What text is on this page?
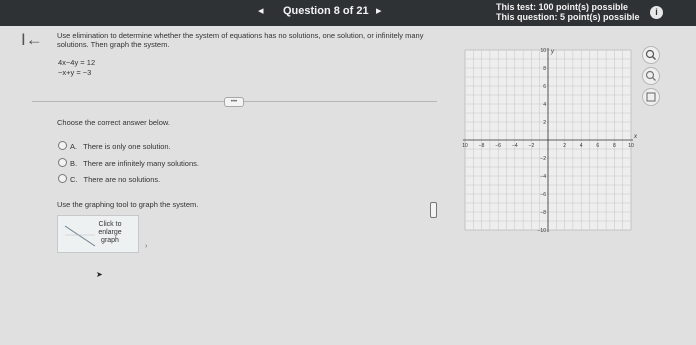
◂ Question 8 of 21 ▸	This test: 100 point(s) possible
This question: 5 point(s) possible	i
I← Use elimination to determine whether the system of equations has no solutions, one solution, or infinitely many solutions. Then graph the system.
4x−4y = 12
−x+y = −3
•••
Choose the correct answer below.
A. There is only one solution.
B. There are infinitely many solutions.
C. There are no solutions.
Use the graphing tool to graph the system.
Click to
enlarge
graph
›
➤
10 −8 −6 −4 −2	2	4	6	8 10
10
8
6
4
2
−2
−4
−6
−8
−10
x
y
